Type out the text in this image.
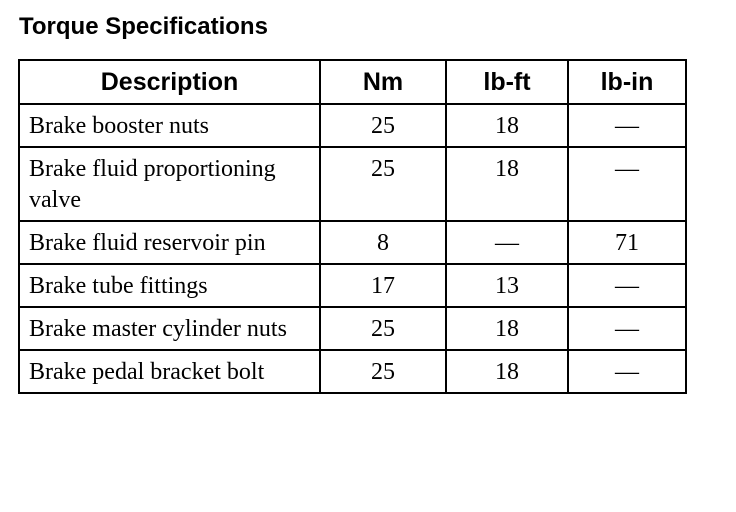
Torque Specifications
Description	Nm	lb-ft	lb-in
Brake booster nuts	25	18	—
Brake fluid proportioning valve	25	18	—
Brake fluid reservoir pin	8	—	71
Brake tube fittings	17	13	—
Brake master cylinder nuts	25	18	—
Brake pedal bracket bolt	25	18	—
